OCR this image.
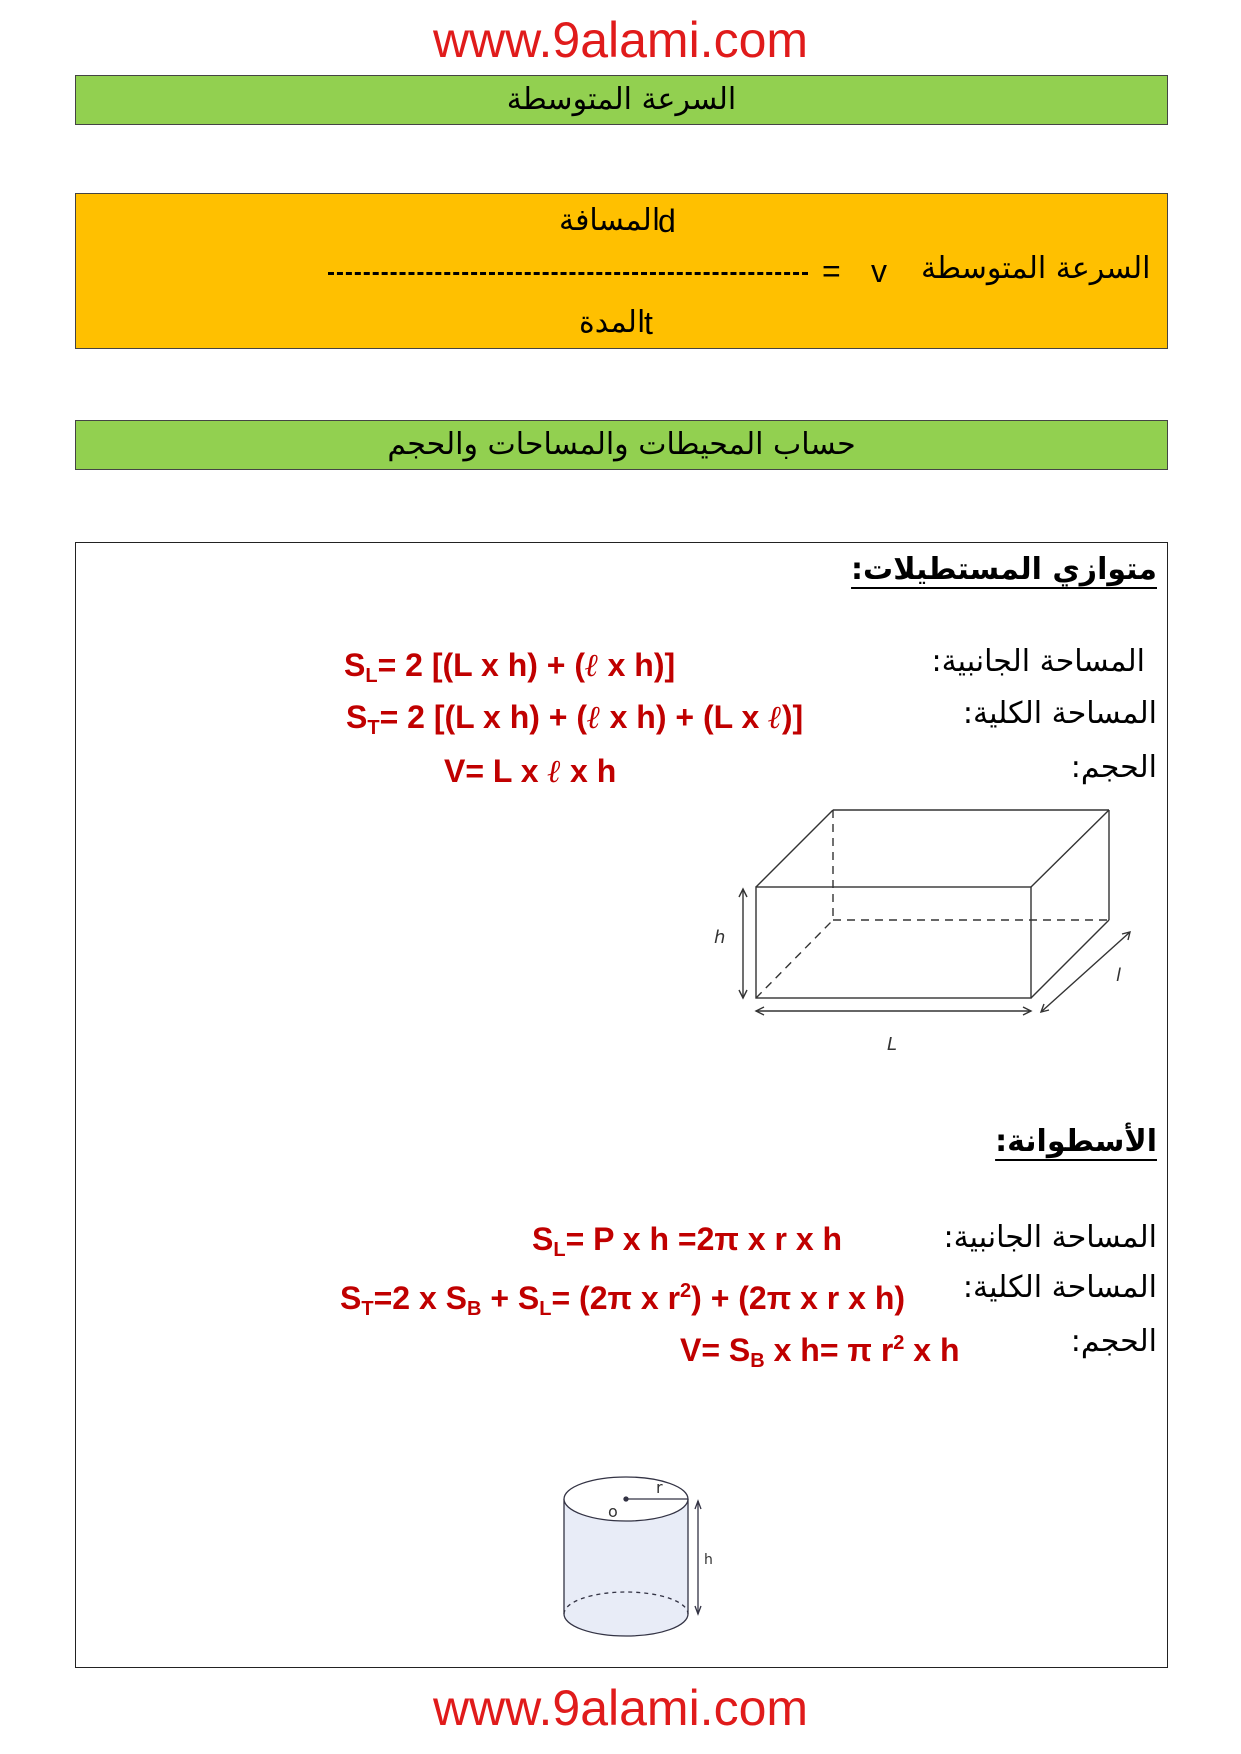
www.9alami.com
السرعة المتوسطة
d
المسافة
= v السرعة المتوسطة
t
المدة
حساب المحيطات والمساحات والحجم
متوازي المستطيلات:
المساحة الجانبية:
$S_L= 2$ [(L x h) + (ℓ x h)]
المساحة الكلية:
$S_T= 2$ [(L x h) + (ℓ x h) + (L x ℓ)]
الحجم:
V= L x ℓ x h
h
l
L
الأسطوانة:
المساحة الجانبية:
$S_L= P$ x h =2π x r x h
المساحة الكلية:
$S_T=2$ x $S_B + S_L= (2\pi$ x $r^2) + (2\pi$ x r x h)
الحجم:
$V= S_B$ x h= π $r^2$ x h
o
r
h
www.9alami.com
